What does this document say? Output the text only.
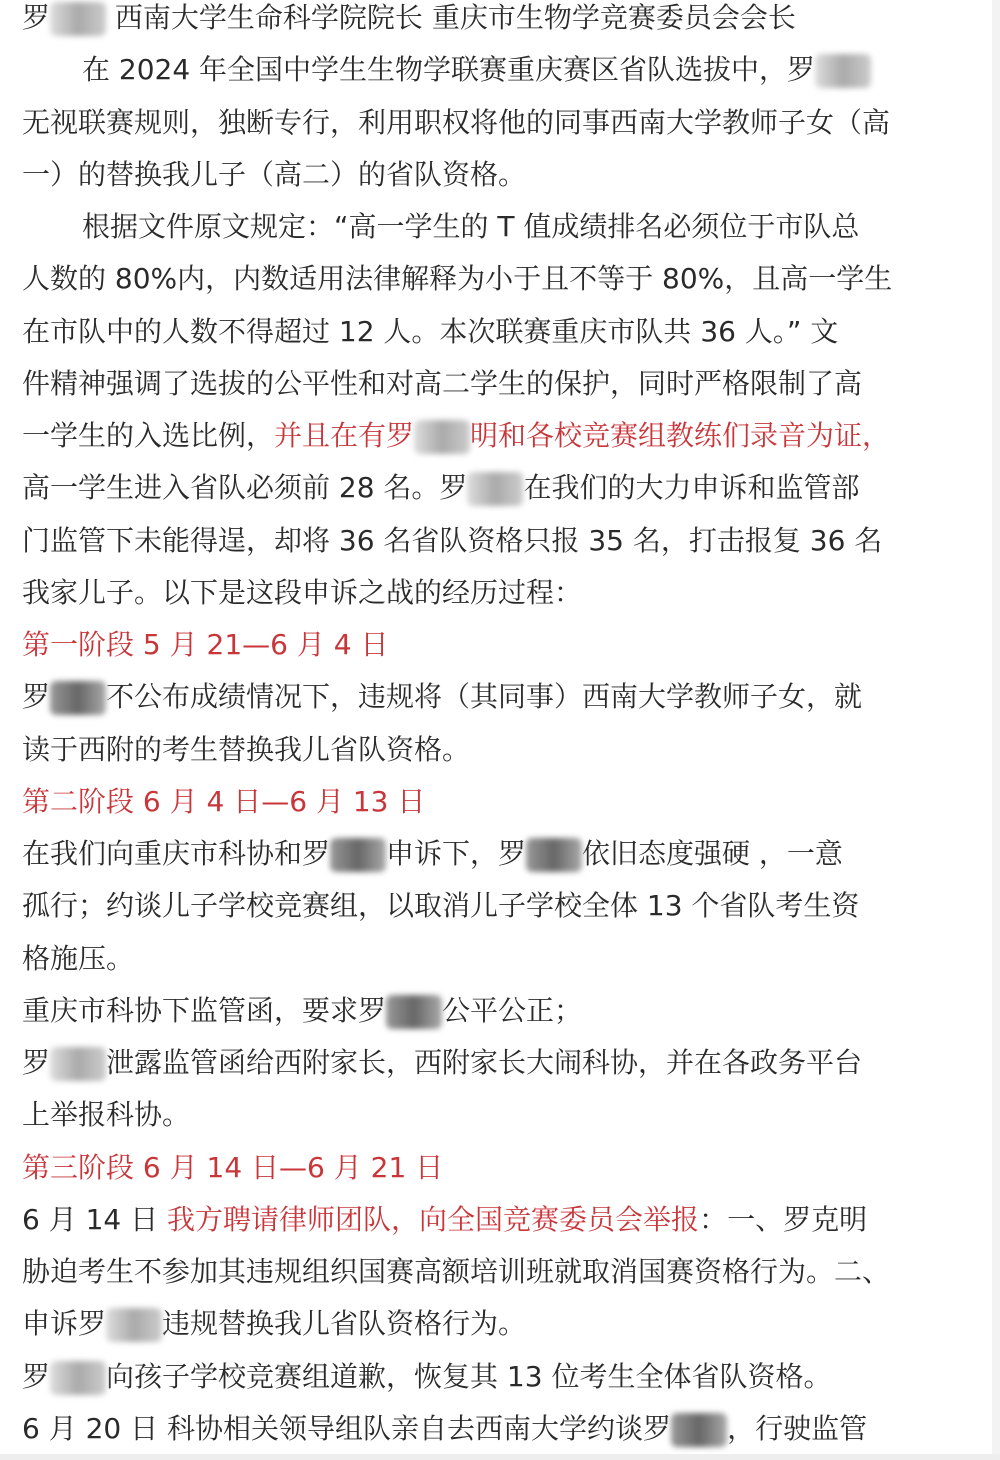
罗 西南大学生命科学院院长 重庆市生物学竞赛委员会会长
在 2024 年全国中学生生物学联赛重庆赛区省队选拔中，罗
无视联赛规则，独断专行，利用职权将他的同事西南大学教师子女（高
一）的替换我儿子（高二）的省队资格。
根据文件原文规定：“高一学生的 T 值成绩排名必须位于市队总
人数的 80%内，内数适用法律解释为小于且不等于 80%，且高一学生
在市队中的人数不得超过 12 人。本次联赛重庆市队共 36 人。” 文
件精神强调了选拔的公平性和对高二学生的保护，同时严格限制了高
一学生的入选比例，并且在有罗 明和各校竞赛组教练们录音为证，
高一学生进入省队必须前 28 名。罗 在我们的大力申诉和监管部
门监管下未能得逞，却将 36 名省队资格只报 35 名，打击报复 36 名
我家儿子。以下是这段申诉之战的经历过程：
第一阶段 5 月 21—6 月 4 日
罗 不公布成绩情况下，违规将（其同事）西南大学教师子女，就
读于西附的考生替换我儿省队资格。
第二阶段 6 月 4 日—6 月 13 日
在我们向重庆市科协和罗 申诉下，罗 依旧态度强硬 ，一意
孤行；约谈儿子学校竞赛组，以取消儿子学校全体 13 个省队考生资
格施压。
重庆市科协下监管函，要求罗 公平公正；
罗 泄露监管函给西附家长，西附家长大闹科协，并在各政务平台
上举报科协。
第三阶段 6 月 14 日—6 月 21 日
6 月 14 日 我方聘请律师团队，向全国竞赛委员会举报：一、罗克明
胁迫考生不参加其违规组织国赛高额培训班就取消国赛资格行为。二、
申诉罗 违规替换我儿省队资格行为。
罗 向孩子学校竞赛组道歉，恢复其 13 位考生全体省队资格。
6 月 20 日 科协相关领导组队亲自去西南大学约谈罗 ，行驶监管
